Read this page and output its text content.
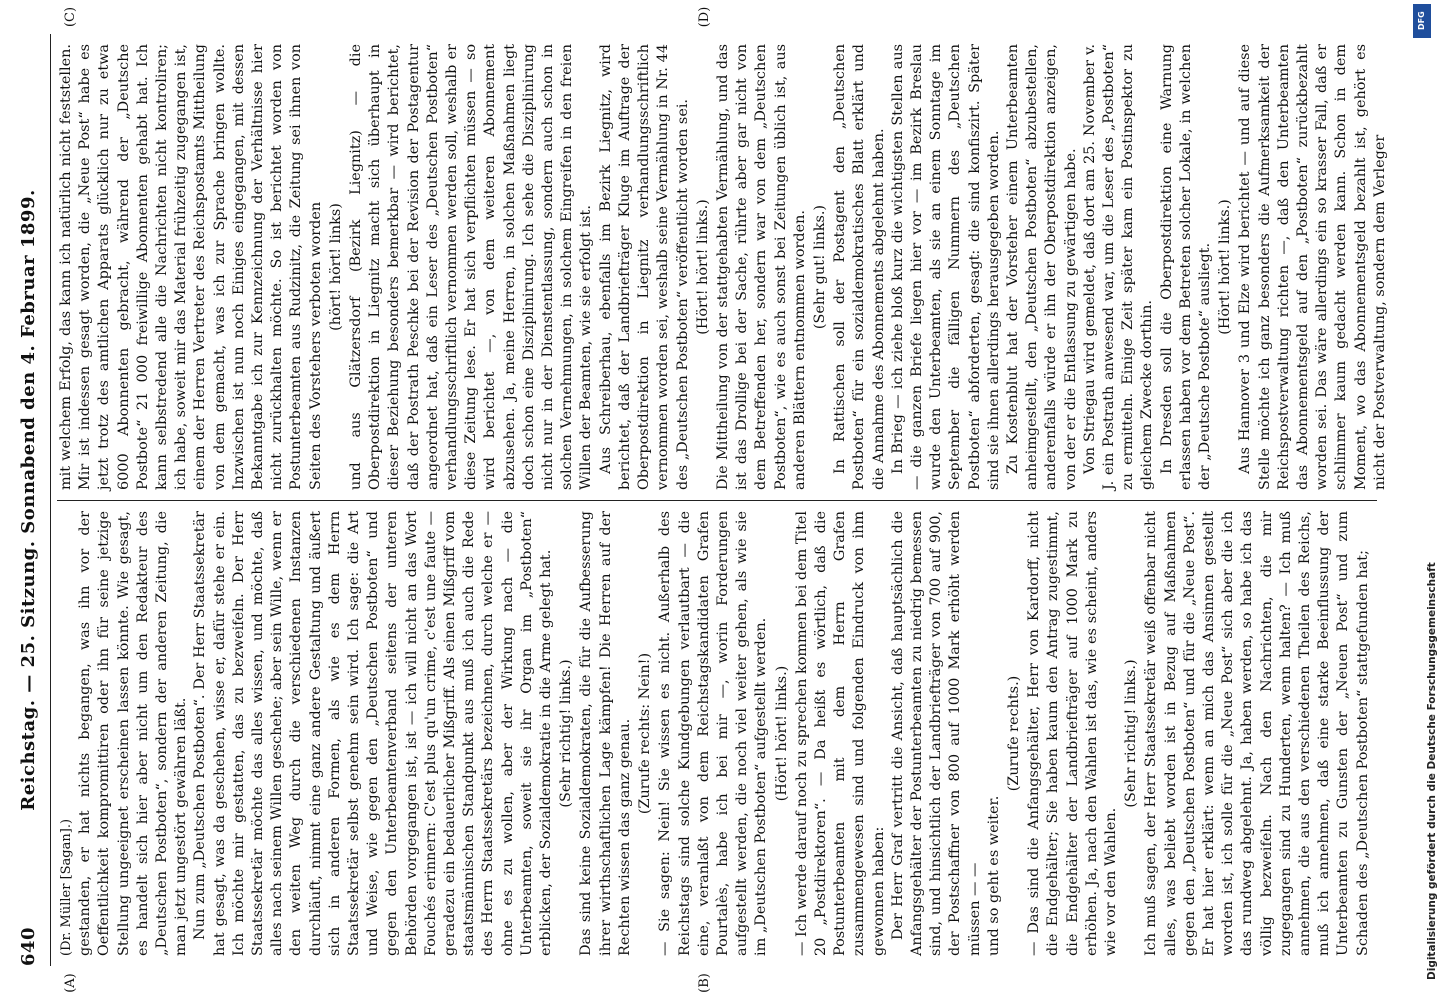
640
Reichstag. — 25. Sitzung. Sonnabend den 4. Februar 1899.
(A)	(B)

(Dr. Müller [Sagan].) gestanden, er hat nichts begangen, was ihn vor der Oeffentlichkeit kompromittiren oder ihn für seine jetzige Stellung ungeeignet erscheinen lassen könnte. Wie gesagt, es handelt sich hier aber nicht um den Redakteur des „Deutschen Postboten“, sondern der anderen Zeitung, die man jetzt ungestört gewähren läßt. Nun zum „Deutschen Postboten“. Der Herr Staatssekretär hat gesagt, was da geschehen, wisse er, dafür stehe er ein. Ich möchte mir gestatten, das zu bezweifeln. Der Herr Staatssekretär möchte das alles wissen, und möchte, daß alles nach seinem Willen geschehe; aber sein Wille, wenn er den weiten Weg durch die verschiedenen Instanzen durchläuft, nimmt eine ganz andere Gestaltung und äußert sich in anderen Formen, als wie es dem Herrn Staatssekretär selbst genehm sein wird. Ich sage: die Art und Weise, wie gegen den „Deutschen Postboten“ und gegen den Unterbeamtenverband seitens der unteren Behörden vorgegangen ist, ist — ich will nicht an das Wort Fouchés erinnern: C'est plus qu'un crime, c'est une faute — geradezu ein bedauerlicher Mißgriff. Als einen Mißgriff vom staatsmännischen Standpunkt aus muß ich auch die Rede des Herrn Staatssekretärs bezeichnen, durch welche er — ohne es zu wollen, aber der Wirkung nach — die Unterbeamten, soweit sie ihr Organ im „Postboten“ erblicken, der Sozialdemokratie in die Arme gelegt hat. (Sehr richtig! links.) Das sind keine Sozialdemokraten, die für die Aufbesserung ihrer wirthschaftlichen Lage kämpfen! Die Herren auf der Rechten wissen das ganz genau. (Zurufe rechts: Nein!) — Sie sagen: Nein! Sie wissen es nicht. Außerhalb des Reichstags sind solche Kundgebungen verlautbart — die eine, veranlaßt von dem Reichstagskandidaten Grafen Pourtalès, habe ich bei mir —, worin Forderungen aufgestellt werden, die noch viel weiter gehen, als wie sie im „Deutschen Postboten“ aufgestellt werden. (Hört! hört! links.) — Ich werde darauf noch zu sprechen kommen bei dem Titel 20 „Postdirektoren“. — Da heißt es wörtlich, daß die Postunterbeamten mit dem Herrn Grafen zusammengewesen sind und folgenden Eindruck von ihm gewonnen haben: Der Herr Graf vertritt die Ansicht, daß hauptsächlich die Anfangsgehälter der Postunterbeamten zu niedrig bemessen sind, und hinsichtlich der Landbriefträger von 700 auf 900, der Postschaffner von 800 auf 1000 Mark erhöht werden müssen — — und so geht es weiter.

(Zurufe rechts.) — Das sind die Anfangsgehälter, Herr von Kardorff, nicht die Endgehälter; Sie haben kaum den Antrag zugestimmt, die Endgehälter der Landbriefträger auf 1000 Mark zu erhöhen. Ja, nach den Wahlen ist das, wie es scheint, anders wie vor den Wahlen.

(Sehr richtig! links.) Ich muß sagen, der Herr Staatssekretär weiß offenbar nicht alles, was beliebt worden ist in Bezug auf Maßnahmen gegen den „Deutschen Postboten“ und für die „Neue Post“. Er hat hier erklärt: wenn an mich das Ansinnen gestellt worden ist, ich solle für die „Neue Post“ sich aber die ich das rundweg abgelehnt. Ja, haben werden, so habe ich das völlig bezweifeln. Nach den Nachrichten, die mir zugegangen sind zu Hunderten, wenn halten? — Ich muß annehmen, die aus den verschiedenen Theilen des Reichs, muß ich annehmen, daß eine starke Beeinflussung der Unterbeamten zu Gunsten der „Neuen Post“ und zum Schaden des „Deutschen Postboten“ stattgefunden hat;

mit welchem Erfolg, das kann ich natürlich nicht feststellen. Mir ist indessen gesagt worden, die „Neue Post“ habe es jetzt trotz des amtlichen Apparats glücklich nur zu etwa 6000 Abonnenten gebracht, während der „Deutsche Postbote“ 21 000 freiwillige Abonnenten gehabt hat. Ich kann selbstredend alle die Nachrichten nicht kontroliren; ich habe, soweit mir das Material frühzeitig zugegangen ist, einem der Herren Vertreter des Reichspostamts Mittheilung von dem gemacht, was ich zur Sprache bringen wollte. Inzwischen ist nun noch Einiges eingegangen, mit dessen Bekanntgabe ich zur Kennzeichnung der Verhältnisse hier nicht zurückhalten möchte. So ist berichtet worden von Postunterbeamten aus Rudzinitz, die Zeitung sei ihnen von Seiten des Vorstehers verboten worden (hört! hört! links) und aus Glätzersdorf (Bezirk Liegnitz) — die Oberpostdirektion in Liegnitz macht sich überhaupt in dieser Beziehung besonders bemerkbar — wird berichtet, daß der Postrath Peschke bei der Revision der Postagentur angeordnet hat, daß ein Leser des „Deutschen Postboten“ verhandlungsschriftlich vernommen werden soll, weshalb er diese Zeitung lese. Er hat sich verpflichten müssen — so wird berichtet —, von dem weiteren Abonnement abzusehen. Ja, meine Herren, in solchen Maßnahmen liegt doch schon eine Disziplinirung. Ich sehe die Disziplinirung nicht nur in der Dienstentlassung, sondern auch schon in solchen Vernehmungen, in solchem Eingreifen in den freien Willen der Beamten, wie sie erfolgt ist. Aus Schreiberhau, ebenfalls im Bezirk Liegnitz, wird berichtet, daß der Landbriefträger Kluge im Auftrage der Oberpostdirektion in Liegnitz verhandlungsschriftlich vernommen worden sei, weshalb seine Vermählung in Nr. 44 des „Deutschen Postboten“ veröffentlicht worden sei. (Hört! hört! links.) Die Mittheilung von der stattgehabten Vermählung, und das ist das Drollige bei der Sache, rührte aber gar nicht von dem Betreffenden her, sondern war von dem „Deutschen Postboten“, wie es auch sonst bei Zeitungen üblich ist, aus anderen Blättern entnommen worden. (Sehr gut! links.) In Rattischen soll der Postagent den „Deutschen Postboten“ für ein sozialdemokratisches Blatt erklärt und die Annahme des Abonnements abgelehnt haben. In Brieg — ich ziehe bloß kurz die wichtigsten Stellen aus — die ganzen Briefe liegen hier vor — im Bezirk Breslau wurde den Unterbeamten, als sie an einem Sonntage im September die fälligen Nummern des „Deutschen Postboten“ abforderten, gesagt: die sind konfiszirt. Später sind sie ihnen allerdings herausgegeben worden. Zu Kostenblut hat der Vorsteher einem Unterbeamten anheimgestellt, den „Deutschen Postboten“ abzubestellen, anderenfalls würde er ihn der Oberpostdirektion anzeigen, von der er die Entlassung zu gewärtigen habe. Von Striegau wird gemeldet, daß dort am 25. November v. J. ein Postrath anwesend war, um die Leser des „Postboten“ zu ermitteln. Einige Zeit später kam ein Postinspektor zu gleichem Zwecke dorthin. In Dresden soll die Oberpostdirektion eine Warnung erlassen haben vor dem Betreten solcher Lokale, in welchen der „Deutsche Postbote“ ausliegt. (Hört! hört! links.) Aus Hannover 3 und Elze wird berichtet — und auf diese Stelle möchte ich ganz besonders die Aufmerksamkeit der Reichspostverwaltung richten —, daß den Unterbeamten das Abonnementsgeld auf den „Postboten“ zurückbezahlt worden sei. Das wäre allerdings ein so krasser Fall, daß er schlimmer kaum gedacht werden kann. Schon in dem Moment, wo das Abonnementsgeld bezahlt ist, gehört es nicht der Postverwaltung, sondern dem Verleger

(C)	(D)	DFG
Digitalisierung gefördert durch die Deutsche Forschungsgemeinschaft
